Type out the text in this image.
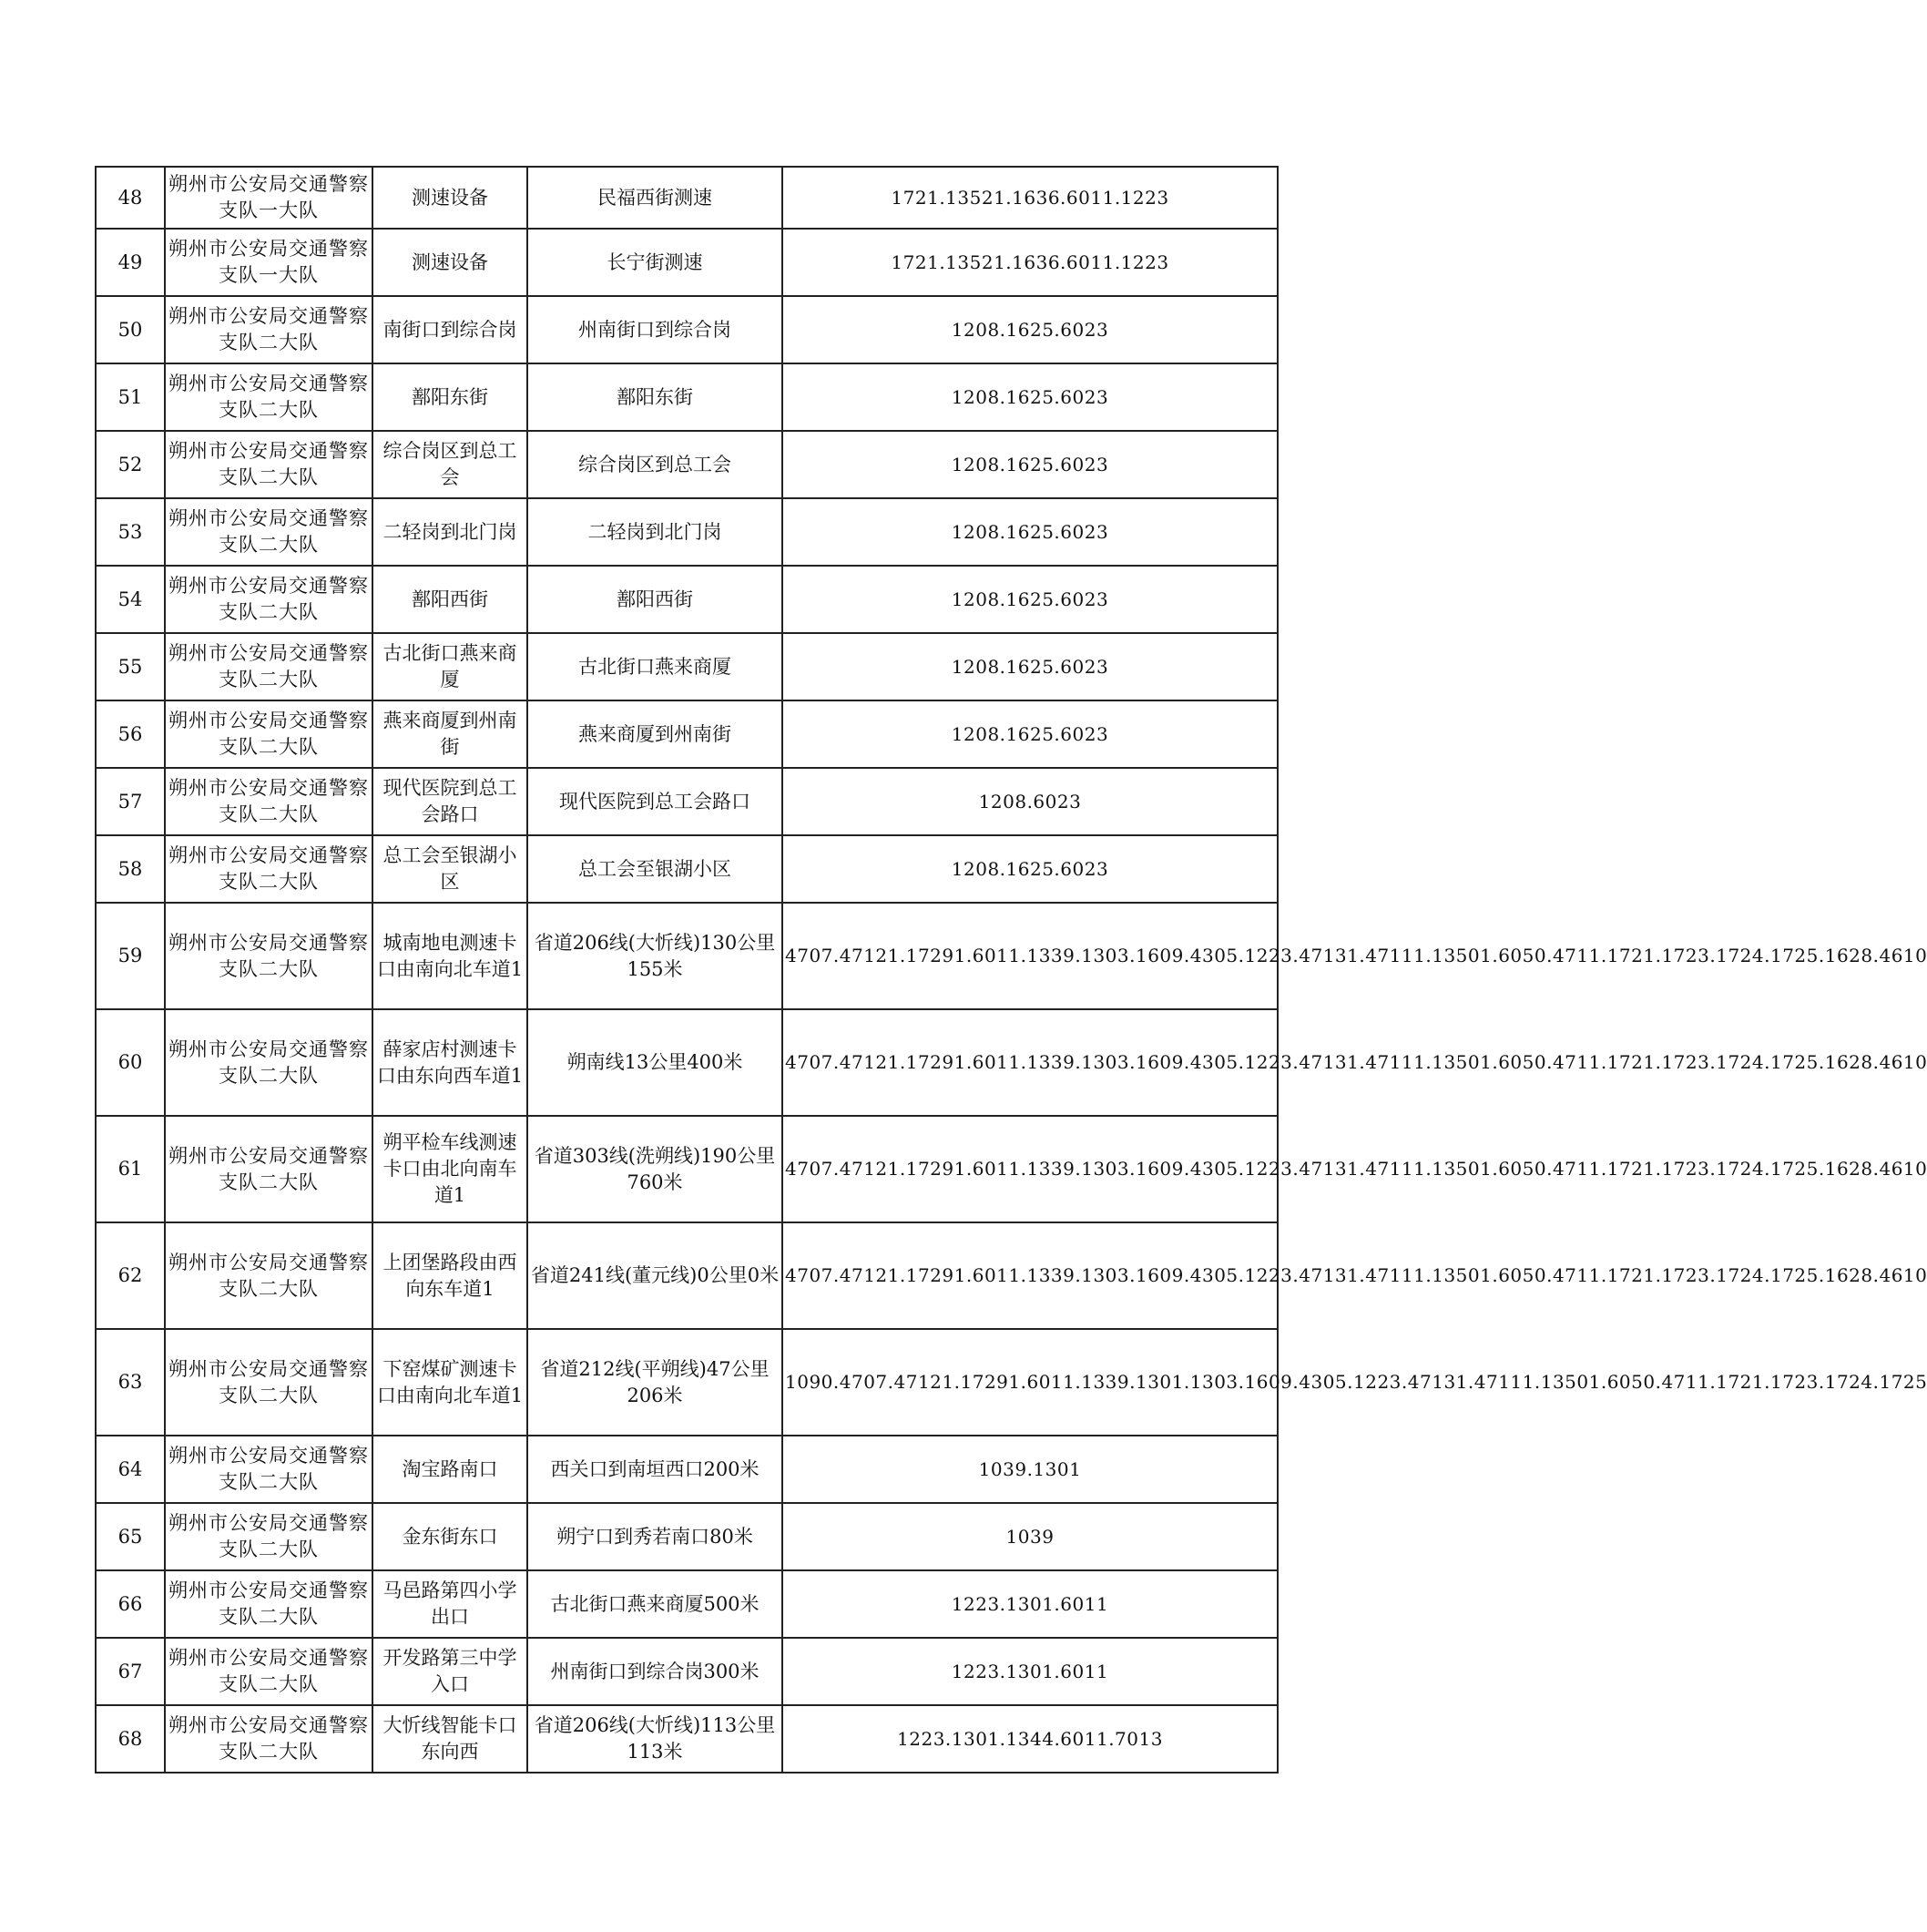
48	朔州市公安局交通警察支队一大队	测速设备	民福西街测速	1721.13521.1636.6011.1223
49	朔州市公安局交通警察支队一大队	测速设备	长宁街测速	1721.13521.1636.6011.1223
50	朔州市公安局交通警察支队二大队	南街口到综合岗	州南街口到综合岗	1208.1625.6023
51	朔州市公安局交通警察支队二大队	鄯阳东街	鄯阳东街	1208.1625.6023
52	朔州市公安局交通警察支队二大队	综合岗区到总工会	综合岗区到总工会	1208.1625.6023
53	朔州市公安局交通警察支队二大队	二轻岗到北门岗	二轻岗到北门岗	1208.1625.6023
54	朔州市公安局交通警察支队二大队	鄯阳西街	鄯阳西街	1208.1625.6023
55	朔州市公安局交通警察支队二大队	古北街口燕来商厦	古北街口燕来商厦	1208.1625.6023
56	朔州市公安局交通警察支队二大队	燕来商厦到州南街	燕来商厦到州南街	1208.1625.6023
57	朔州市公安局交通警察支队二大队	现代医院到总工会路口	现代医院到总工会路口	1208.6023
58	朔州市公安局交通警察支队二大队	总工会至银湖小区	总工会至银湖小区	1208.1625.6023
59	朔州市公安局交通警察支队二大队	城南地电测速卡口由南向北车道1	省道206线(大忻线)130公里155米	4707.47121.17291.6011.1339.1303.1609.4305.1223.47131.47111.13501.6050.4711.1721.1723.1724.1725.1628.4610
60	朔州市公安局交通警察支队二大队	薛家店村测速卡口由东向西车道1	朔南线13公里400米	4707.47121.17291.6011.1339.1303.1609.4305.1223.47131.47111.13501.6050.4711.1721.1723.1724.1725.1628.4610
61	朔州市公安局交通警察支队二大队	朔平检车线测速卡口由北向南车道1	省道303线(洗朔线)190公里760米	4707.47121.17291.6011.1339.1303.1609.4305.1223.47131.47111.13501.6050.4711.1721.1723.1724.1725.1628.4610
62	朔州市公安局交通警察支队二大队	上团堡路段由西向东车道1	省道241线(董元线)0公里0米	4707.47121.17291.6011.1339.1303.1609.4305.1223.47131.47111.13501.6050.4711.1721.1723.1724.1725.1628.4610
63	朔州市公安局交通警察支队二大队	下窑煤矿测速卡口由南向北车道1	省道212线(平朔线)47公里206米	1090.4707.47121.17291.6011.1339.1301.1303.1609.4305.1223.47131.47111.13501.6050.4711.1721.1723.1724.1725
64	朔州市公安局交通警察支队二大队	淘宝路南口	西关口到南垣西口200米	1039.1301
65	朔州市公安局交通警察支队二大队	金东街东口	朔宁口到秀若南口80米	1039
66	朔州市公安局交通警察支队二大队	马邑路第四小学出口	古北街口燕来商厦500米	1223.1301.6011
67	朔州市公安局交通警察支队二大队	开发路第三中学入口	州南街口到综合岗300米	1223.1301.6011
68	朔州市公安局交通警察支队二大队	大忻线智能卡口东向西	省道206线(大忻线)113公里113米	1223.1301.1344.6011.7013
